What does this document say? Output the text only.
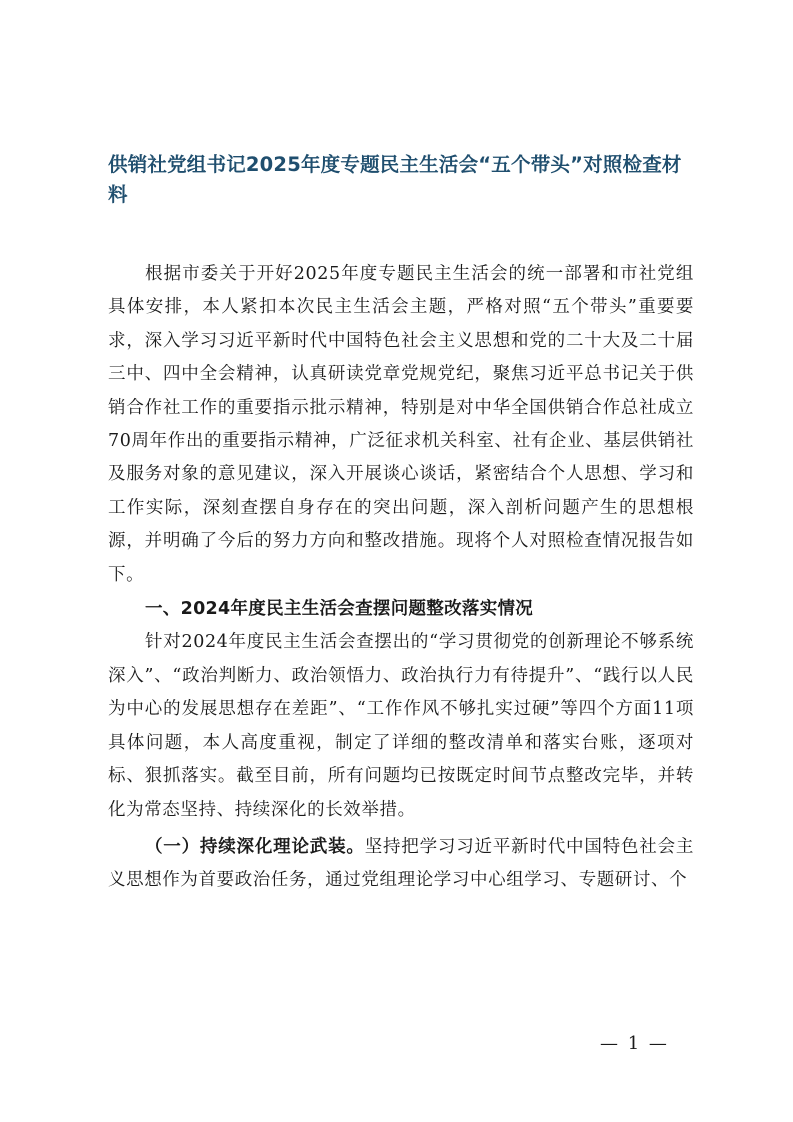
供销社党组书记2025年度专题民主生活会“五个带头”对照检查材料

根据市委关于开好2025年度专题民主生活会的统一部署和市社党组具体安排，本人紧扣本次民主生活会主题，严格对照“五个带头”重要要求，深入学习习近平新时代中国特色社会主义思想和党的二十大及二十届三中、四中全会精神，认真研读党章党规党纪，聚焦习近平总书记关于供销合作社工作的重要指示批示精神，特别是对中华全国供销合作总社成立70周年作出的重要指示精神，广泛征求机关科室、社有企业、基层供销社及服务对象的意见建议，深入开展谈心谈话，紧密结合个人思想、学习和工作实际，深刻查摆自身存在的突出问题，深入剖析问题产生的思想根源，并明确了今后的努力方向和整改措施。现将个人对照检查情况报告如下。

一、2024年度民主生活会查摆问题整改落实情况

针对2024年度民主生活会查摆出的“学习贯彻党的创新理论不够系统深入”、“政治判断力、政治领悟力、政治执行力有待提升”、“践行以人民为中心的发展思想存在差距”、“工作作风不够扎实过硬”等四个方面11项具体问题，本人高度重视，制定了详细的整改清单和落实台账，逐项对标、狠抓落实。截至目前，所有问题均已按既定时间节点整改完毕，并转化为常态坚持、持续深化的长效举措。

（一）持续深化理论武装。坚持把学习习近平新时代中国特色社会主义思想作为首要政治任务，通过党组理论学习中心组学习、专题研讨、个

— 1 —
